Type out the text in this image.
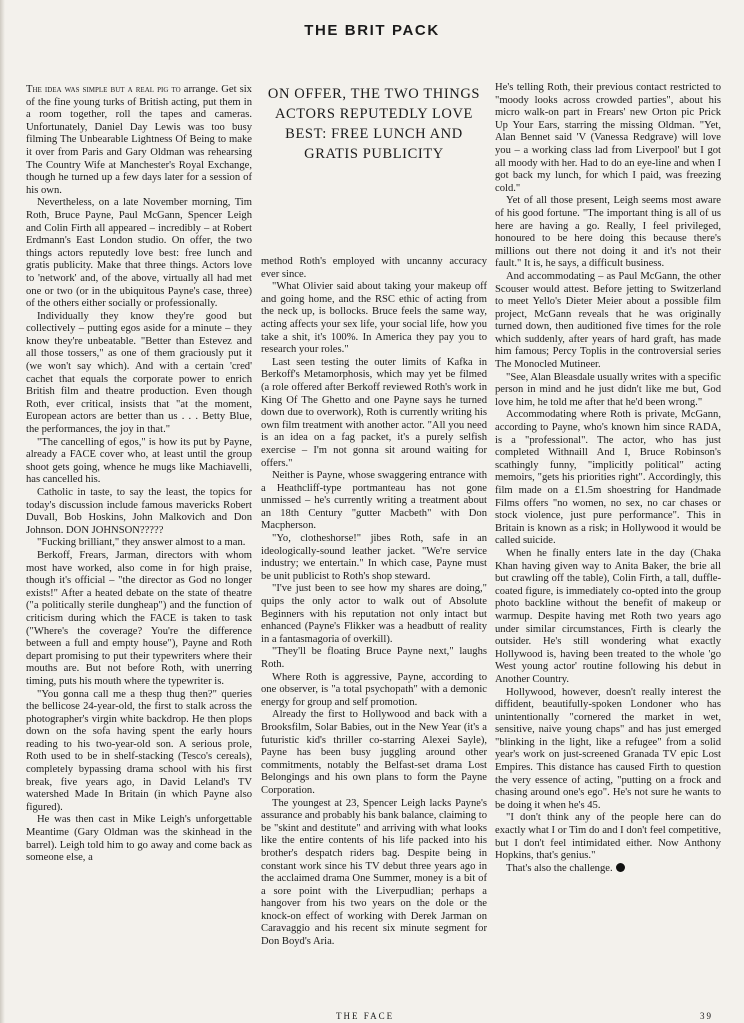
THE BRIT PACK

The idea was simple but a real pig to arrange. Get six of the fine young turks of British acting, put them in a room together, roll the tapes and cameras. Unfortunately, Daniel Day Lewis was too busy filming The Unbearable Lightness Of Being to make it over from Paris and Gary Oldman was rehearsing The Country Wife at Manchester's Royal Exchange, though he turned up a few days later for a session of his own.

Nevertheless, on a late November morning, Tim Roth, Bruce Payne, Paul McGann, Spencer Leigh and Colin Firth all appeared – incredibly – at Robert Erdmann's East London studio. On offer, the two things actors reputedly love best: free lunch and gratis publicity. Make that three things. Actors love to 'network' and, of the above, virtually all had met one or two (or in the ubiquitous Payne's case, three) of the others either socially or professionally.

Individually they know they're good but collectively – putting egos aside for a minute – they know they're unbeatable. "Better than Estevez and all those tossers," as one of them graciously put it (we won't say which). And with a certain 'cred' cachet that equals the corporate power to enrich British film and theatre production. Even though Roth, ever critical, insists that "at the moment, European actors are better than us . . . Betty Blue, the performances, the joy in that."

"The cancelling of egos," is how its put by Payne, already a FACE cover who, at least until the group shoot gets going, whence he mugs like Machiavelli, has cancelled his.

Catholic in taste, to say the least, the topics for today's discussion include famous mavericks Robert Duvall, Bob Hoskins, John Malkovich and Don Johnson. DON JOHNSON?????

"Fucking brilliant," they answer almost to a man.

Berkoff, Frears, Jarman, directors with whom most have worked, also come in for high praise, though it's official – "the director as God no longer exists!" After a heated debate on the state of theatre ("a politically sterile dungheap") and the function of criticism during which the FACE is taken to task ("Where's the coverage? You're the difference between a full and empty house"), Payne and Roth depart promising to put their typewriters where their mouths are. But not before Roth, with unerring timing, puts his mouth where the typewriter is.

"You gonna call me a thesp thug then?" queries the bellicose 24-year-old, the first to stalk across the photographer's virgin white backdrop. He then plops down on the sofa having spent the early hours reading to his two-year-old son. A serious prole, Roth used to be in shelf-stacking (Tesco's cereals), completely bypassing drama school with his first break, five years ago, in David Leland's TV watershed Made In Britain (in which Payne also figured).

He was then cast in Mike Leigh's unforgettable Meantime (Gary Oldman was the skinhead in the barrel). Leigh told him to go away and come back as someone else, a

ON OFFER, THE TWO THINGS ACTORS REPUTEDLY LOVE BEST: FREE LUNCH AND GRATIS PUBLICITY

method Roth's employed with uncanny accuracy ever since.

"What Olivier said about taking your makeup off and going home, and the RSC ethic of acting from the neck up, is bollocks. Bruce feels the same way, acting affects your sex life, your social life, how you take a shit, it's 100%. In America they pay you to research your roles."

Last seen testing the outer limits of Kafka in Berkoff's Metamorphosis, which may yet be filmed (a role offered after Berkoff reviewed Roth's work in King Of The Ghetto and one Payne says he turned down due to overwork), Roth is currently writing his own film treatment with another actor. "All you need is an idea on a fag packet, it's a purely selfish exercise – I'm not gonna sit around waiting for offers."

Neither is Payne, whose swaggering entrance with a Heathcliff-type portmanteau has not gone unmissed – he's currently writing a treatment about an 18th Century "gutter Macbeth" with Don Macpherson.

"Yo, clotheshorse!" jibes Roth, safe in an ideologically-sound leather jacket. "We're service industry; we entertain." In which case, Payne must be unit publicist to Roth's shop steward.

"I've just been to see how my shares are doing," quips the only actor to walk out of Absolute Beginners with his reputation not only intact but enhanced (Payne's Flikker was a headbutt of reality in a fantasmagoria of overkill).

"They'll be floating Bruce Payne next," laughs Roth.

Where Roth is aggressive, Payne, according to one observer, is "a total psychopath" with a demonic energy for group and self promotion.

Already the first to Hollywood and back with a Brooksfilm, Solar Babies, out in the New Year (it's a futuristic kid's thriller co-starring Alexei Sayle), Payne has been busy juggling around other commitments, notably the Belfast-set drama Lost Belongings and his own plans to form the Payne Corporation.

The youngest at 23, Spencer Leigh lacks Payne's assurance and probably his bank balance, claiming to be "skint and destitute" and arriving with what looks like the entire contents of his life packed into his brother's despatch riders bag. Despite being in constant work since his TV debut three years ago in the acclaimed drama One Summer, money is a bit of a sore point with the Liverpudlian; perhaps a hangover from his two years on the dole or the knock-on effect of working with Derek Jarman on Caravaggio and his recent six minute segment for Don Boyd's Aria.

He's telling Roth, their previous contact restricted to "moody looks across crowded parties", about his micro walk-on part in Frears' new Orton pic Prick Up Your Ears, starring the missing Oldman. "Yet, Alan Bennet said 'V (Vanessa Redgrave) will love you – a working class lad from Liverpool' but I got all moody with her. Had to do an eye-line and when I got back my lunch, for which I paid, was freezing cold."

Yet of all those present, Leigh seems most aware of his good fortune. "The important thing is all of us here are having a go. Really, I feel privileged, honoured to be here doing this because there's millions out there not doing it and it's not their fault." It is, he says, a difficult business.

And accommodating – as Paul McGann, the other Scouser would attest. Before jetting to Switzerland to meet Yello's Dieter Meier about a possible film project, McGann reveals that he was originally turned down, then auditioned five times for the role which suddenly, after years of hard graft, has made him famous; Percy Toplis in the controversial series The Monocled Mutineer.

"See, Alan Bleasdale usually writes with a specific person in mind and he just didn't like me but, God love him, he told me after that he'd been wrong."

Accommodating where Roth is private, McGann, according to Payne, who's known him since RADA, is a "professional". The actor, who has just completed Withnaill And I, Bruce Robinson's scathingly funny, "implicitly political" acting memoirs, "gets his priorities right". Accordingly, this film made on a £1.5m shoestring for Handmade Films offers "no women, no sex, no car chases or stock violence, just pure performance". This in Britain is known as a risk; in Hollywood it would be called suicide.

When he finally enters late in the day (Chaka Khan having given way to Anita Baker, the brie all but crawling off the table), Colin Firth, a tall, duffle-coated figure, is immediately co-opted into the group photo backline without the benefit of makeup or warmup. Despite having met Roth two years ago under similar circumstances, Firth is clearly the outsider. He's still wondering what exactly Hollywood is, having been treated to the whole 'go West young actor' routine following his debut in Another Country.

Hollywood, however, doesn't really interest the diffident, beautifully-spoken Londoner who has unintentionally "cornered the market in wet, sensitive, naive young chaps" and has just emerged "blinking in the light, like a refugee" from a solid year's work on just-screened Granada TV epic Lost Empires. This distance has caused Firth to question the very essence of acting, "putting on a frock and chasing around one's ego". He's not sure he wants to be doing it when he's 45.

"I don't think any of the people here can do exactly what I or Tim do and I don't feel competitive, but I don't feel intimidated either. Now Anthony Hopkins, that's genius."

That's also the challenge.

THE FACE	39
